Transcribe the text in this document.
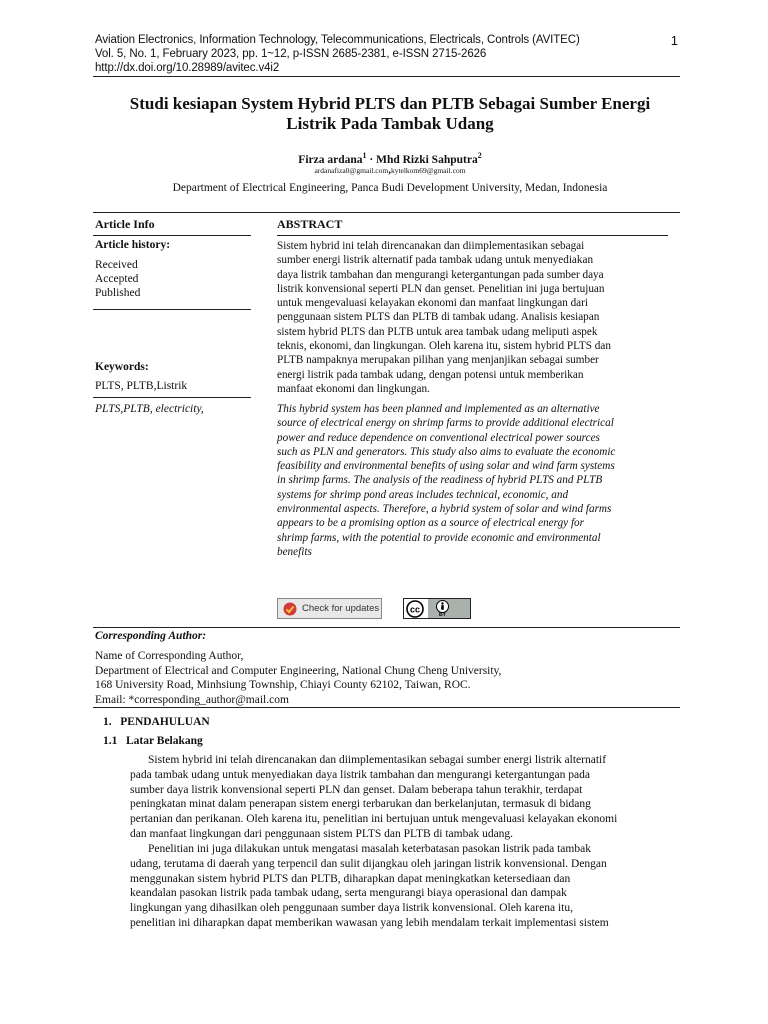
Aviation Electronics, Information Technology, Telecommunications, Electricals, Controls (AVITEC)
Vol. 5, No. 1, February 2023, pp. 1~12, p-ISSN 2685-2381, e-ISSN 2715-2626
http://dx.doi.org/10.28989/avitec.v4i2
1
Studi kesiapan System Hybrid PLTS dan PLTB Sebagai Sumber Energi
Listrik Pada Tambak Udang
Firza ardana$^1$ · Mhd Rizki Sahputra$^2$
ardanafiza0@gmail.com,kytelkom69@gmail.com
Department of Electrical Engineering, Panca Budi Development University, Medan, Indonesia
Article Info	ABSTRACT
Article history:
Received
Accepted
Published
Keywords:
PLTS, PLTB,Listrik
PLTS,PLTB, electricity,
Sistem hybrid ini telah direncanakan dan diimplementasikan sebagai
sumber energi listrik alternatif pada tambak udang untuk menyediakan
daya listrik tambahan dan mengurangi ketergantungan pada sumber daya
listrik konvensional seperti PLN dan genset. Penelitian ini juga bertujuan
untuk mengevaluasi kelayakan ekonomi dan manfaat lingkungan dari
penggunaan sistem PLTS dan PLTB di tambak udang. Analisis kesiapan
sistem hybrid PLTS dan PLTB untuk area tambak udang meliputi aspek
teknis, ekonomi, dan lingkungan. Oleh karena itu, sistem hybrid PLTS dan
PLTB nampaknya merupakan pilihan yang menjanjikan sebagai sumber
energi listrik pada tambak udang, dengan potensi untuk memberikan
manfaat ekonomi dan lingkungan.
This hybrid system has been planned and implemented as an alternative
source of electrical energy on shrimp farms to provide additional electrical
power and reduce dependence on conventional electrical power sources
such as PLN and generators. This study also aims to evaluate the economic
feasibility and environmental benefits of using solar and wind farm systems
in shrimp farms. The analysis of the readiness of hybrid PLTS and PLTB
systems for shrimp pond areas includes technical, economic, and
environmental aspects. Therefore, a hybrid system of solar and wind farms
appears to be a promising option as a source of electrical energy for
shrimp farms, with the potential to provide economic and environmental
benefits
Check for updates	cc
BY
Corresponding Author:
Name of Corresponding Author,
Department of Electrical and Computer Engineering, National Chung Cheng University,
168 University Road, Minhsiung Township, Chiayi County 62102, Taiwan, ROC.
Email: *corresponding_author@mail.com
1.   PENDAHULUAN
1.1   Latar Belakang
Sistem hybrid ini telah direncanakan dan diimplementasikan sebagai sumber energi listrik alternatif
pada tambak udang untuk menyediakan daya listrik tambahan dan mengurangi ketergantungan pada
sumber daya listrik konvensional seperti PLN dan genset. Dalam beberapa tahun terakhir, terdapat
peningkatan minat dalam penerapan sistem energi terbarukan dan berkelanjutan, termasuk di bidang
pertanian dan perikanan. Oleh karena itu, penelitian ini bertujuan untuk mengevaluasi kelayakan ekonomi
dan manfaat lingkungan dari penggunaan sistem PLTS dan PLTB di tambak udang.
Penelitian ini juga dilakukan untuk mengatasi masalah keterbatasan pasokan listrik pada tambak
udang, terutama di daerah yang terpencil dan sulit dijangkau oleh jaringan listrik konvensional. Dengan
menggunakan sistem hybrid PLTS dan PLTB, diharapkan dapat meningkatkan ketersediaan dan
keandalan pasokan listrik pada tambak udang, serta mengurangi biaya operasional dan dampak
lingkungan yang dihasilkan oleh penggunaan sumber daya listrik konvensional. Oleh karena itu,
penelitian ini diharapkan dapat memberikan wawasan yang lebih mendalam terkait implementasi sistem
